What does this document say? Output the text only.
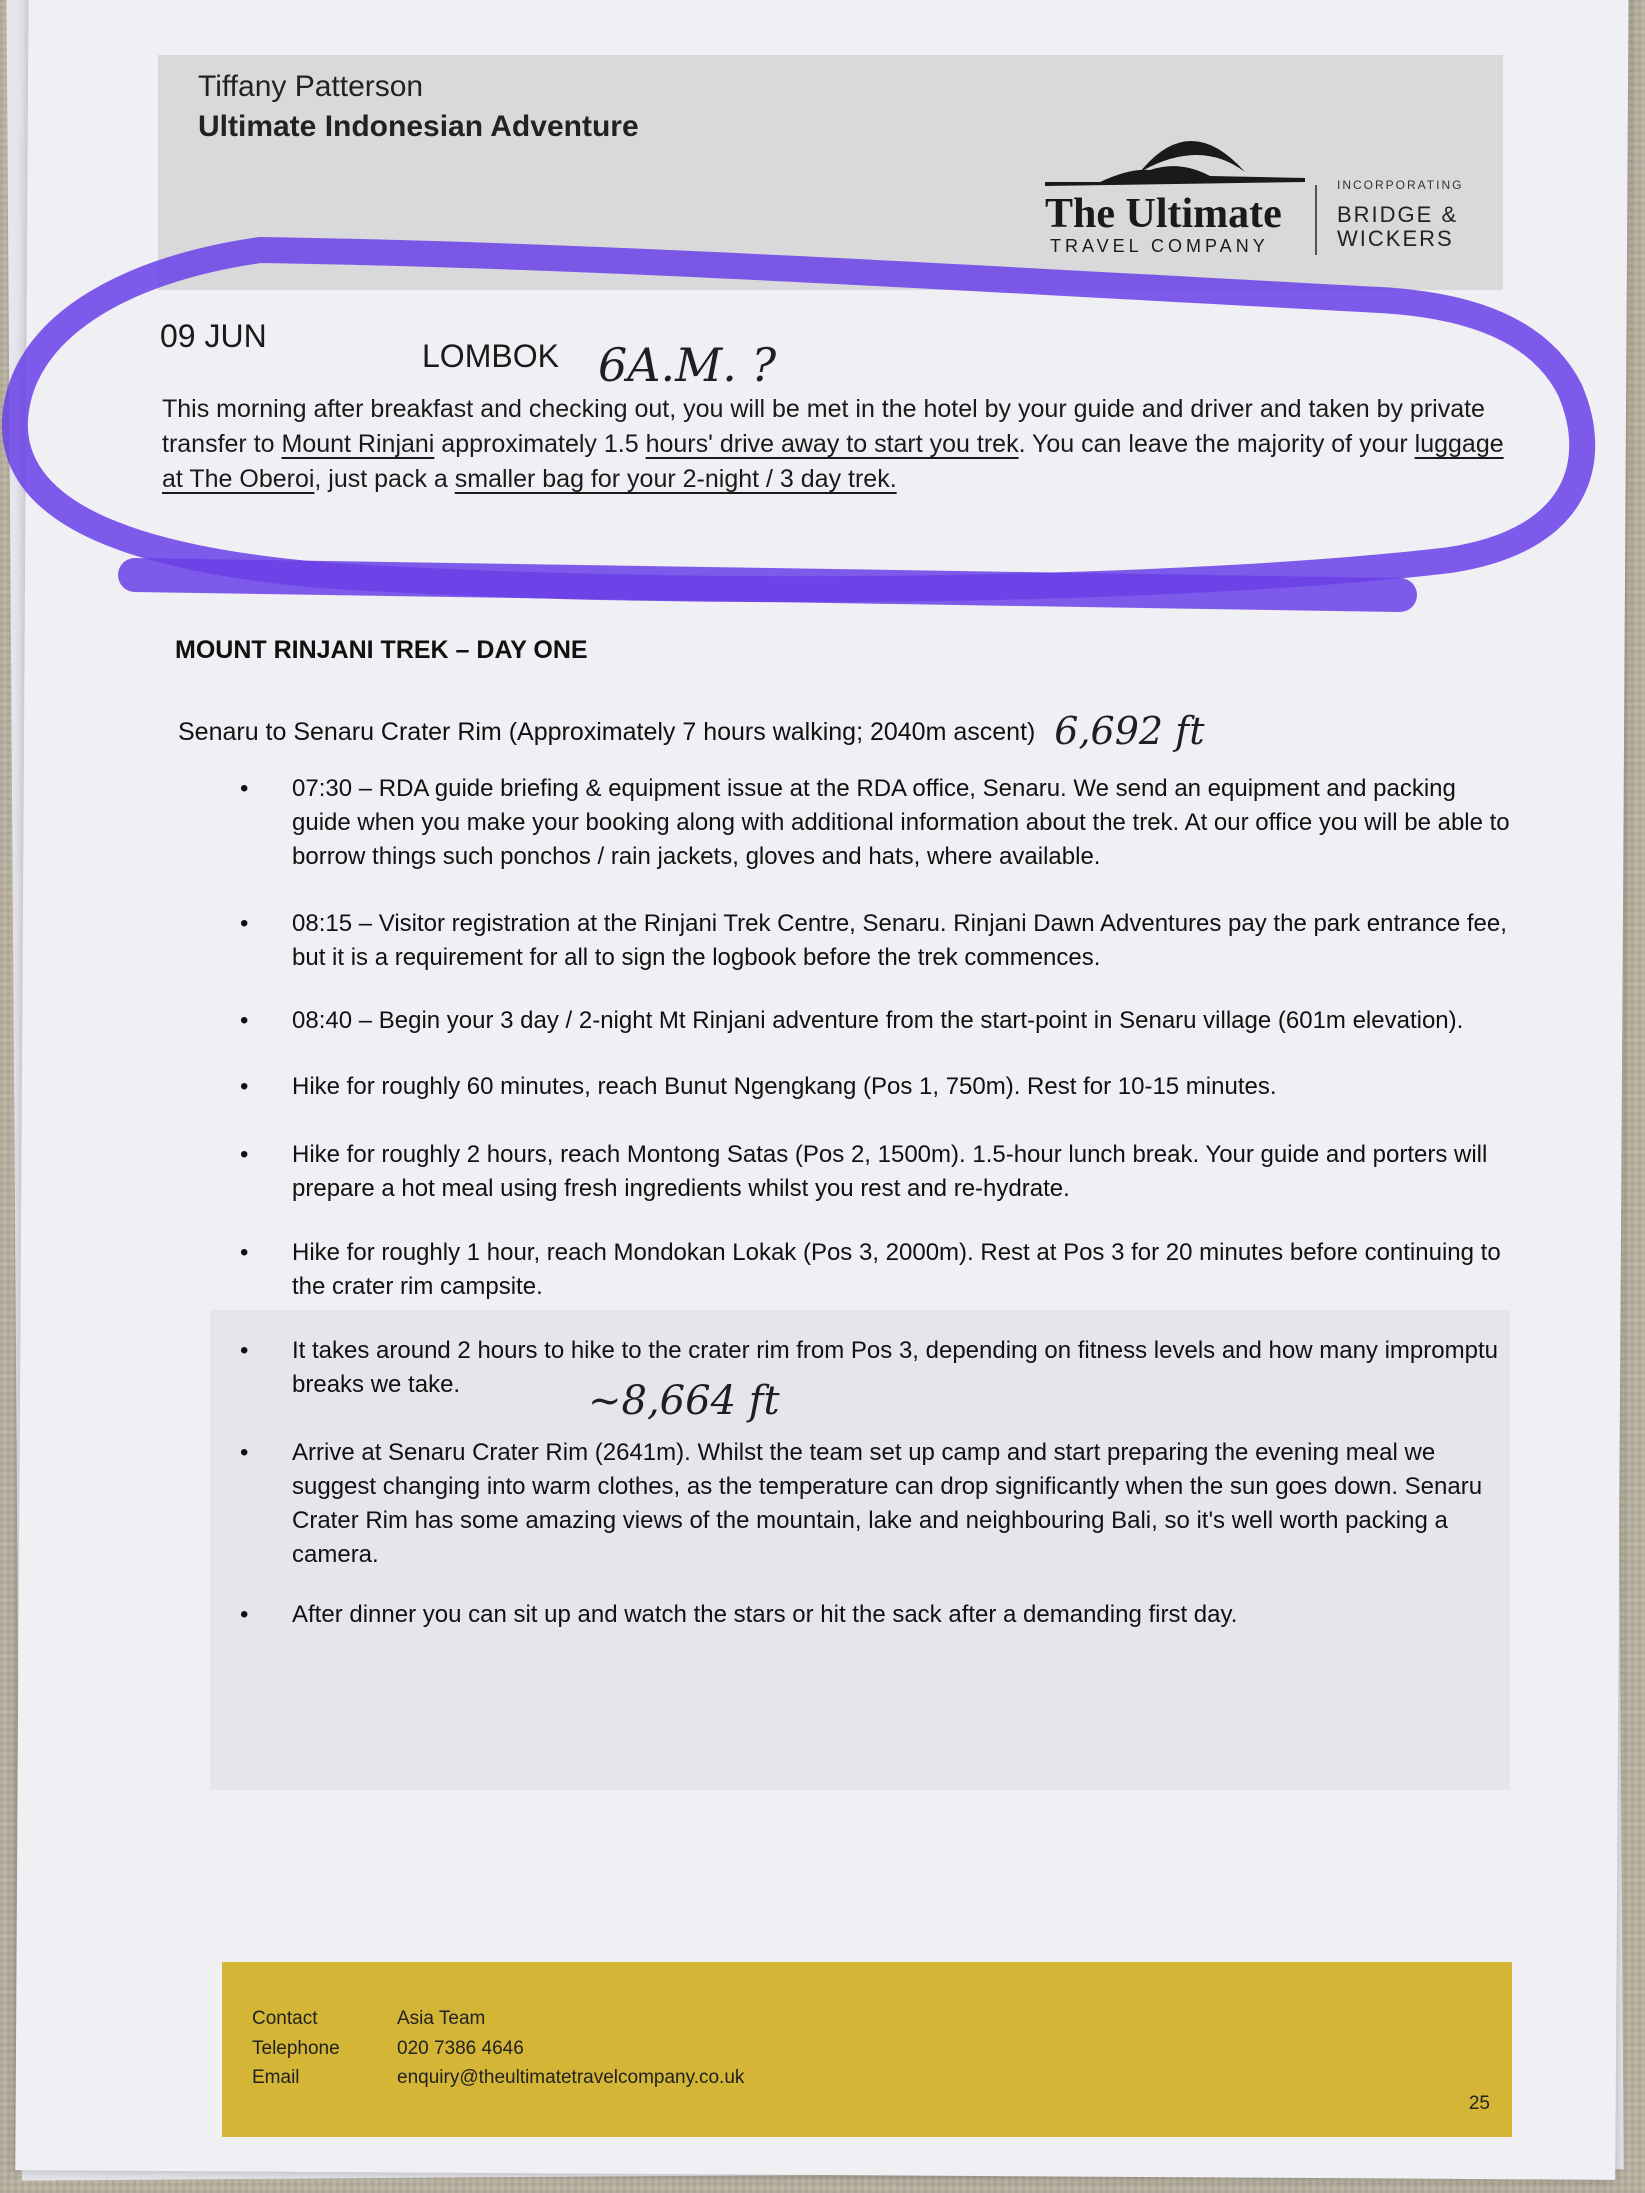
Tiffany Patterson
Ultimate Indonesian Adventure
The Ultimate
TRAVEL COMPANY
INCORPORATING
BRIDGE &
WICKERS
09 JUN
LOMBOK 6A.M. ?
This morning after breakfast and checking out, you will be met in the hotel by your guide and driver and taken by private transfer to Mount Rinjani approximately 1.5 hours' drive away to start you trek. You can leave the majority of your luggage at The Oberoi, just pack a smaller bag for your 2-night / 3 day trek.
MOUNT RINJANI TREK – DAY ONE
Senaru to Senaru Crater Rim (Approximately 7 hours walking; 2040m ascent) 6,692 ft
• 07:30 – RDA guide briefing & equipment issue at the RDA office, Senaru. We send an equipment and packing guide when you make your booking along with additional information about the trek. At our office you will be able to borrow things such ponchos / rain jackets, gloves and hats, where available.
• 08:15 – Visitor registration at the Rinjani Trek Centre, Senaru. Rinjani Dawn Adventures pay the park entrance fee, but it is a requirement for all to sign the logbook before the trek commences.
• 08:40 – Begin your 3 day / 2-night Mt Rinjani adventure from the start-point in Senaru village (601m elevation).
• Hike for roughly 60 minutes, reach Bunut Ngengkang (Pos 1, 750m). Rest for 10-15 minutes.
• Hike for roughly 2 hours, reach Montong Satas (Pos 2, 1500m). 1.5-hour lunch break. Your guide and porters will prepare a hot meal using fresh ingredients whilst you rest and re-hydrate.
• Hike for roughly 1 hour, reach Mondokan Lokak (Pos 3, 2000m). Rest at Pos 3 for 20 minutes before continuing to the crater rim campsite.
• It takes around 2 hours to hike to the crater rim from Pos 3, depending on fitness levels and how many impromptu breaks we take.
• Arrive at Senaru Crater Rim (2641m). Whilst the team set up camp and start preparing the evening meal we suggest changing into warm clothes, as the temperature can drop significantly when the sun goes down. Senaru Crater Rim has some amazing views of the mountain, lake and neighbouring Bali, so it's well worth packing a camera.
• After dinner you can sit up and watch the stars or hit the sack after a demanding first day.
~8,664 ft
Contact	Asia Team
Telephone	020 7386 4646
Email	enquiry@theultimatetravelcompany.co.uk
25
